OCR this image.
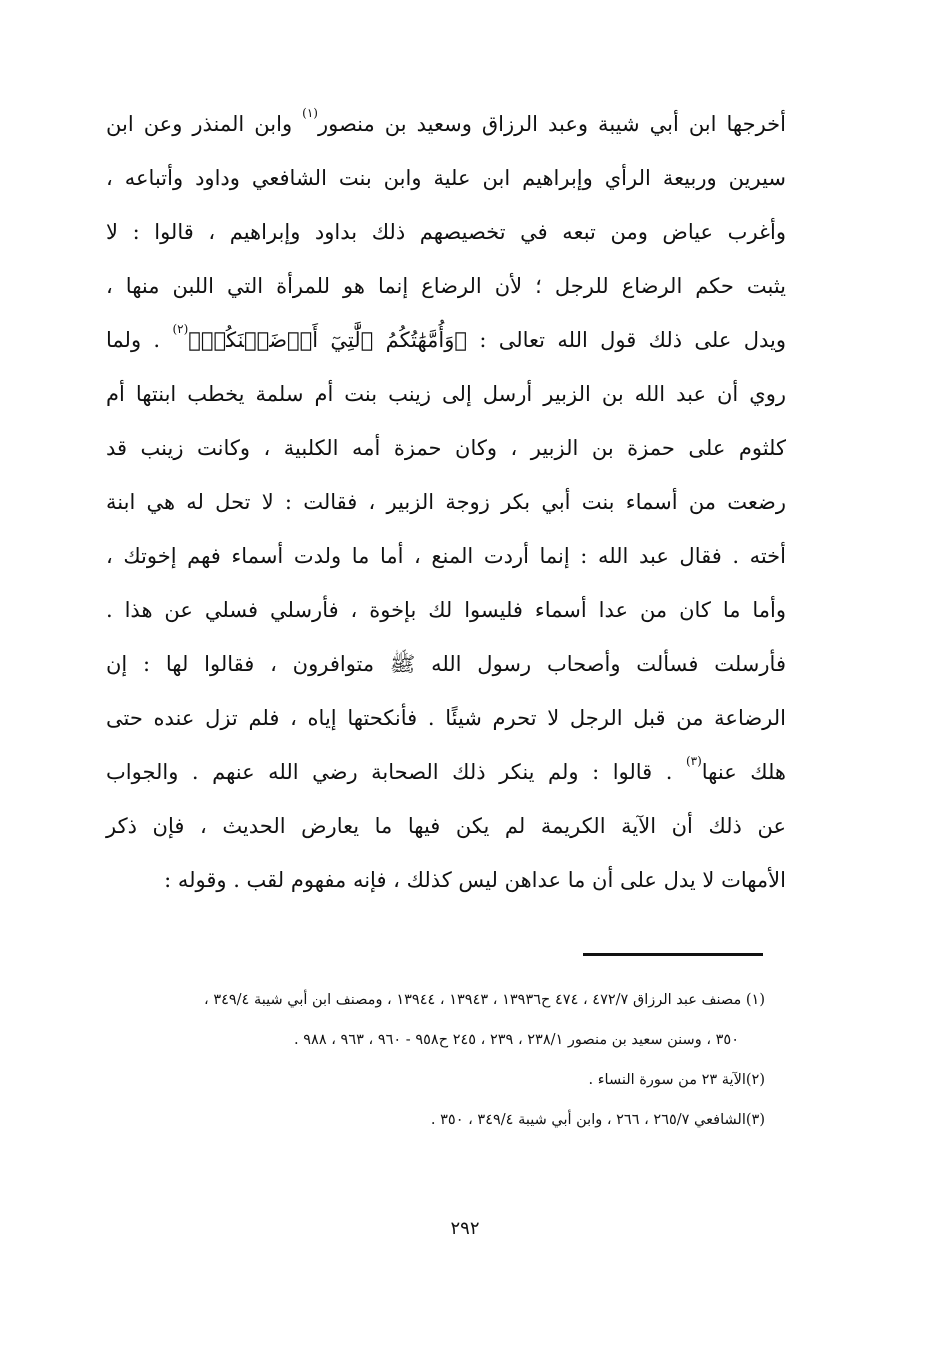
أخرجها ابن أبي شيبة وعبد الرزاق وسعيد بن منصور$^{(١)}$ وابن المنذر وعن ابن
سيرين وربيعة الرأي وإبراهيم ابن علية وابن بنت الشافعي وداود وأتباعه ،
وأغرب عياض ومن تبعه في تخصيصهم ذلك بداود وإبراهيم ، قالوا : لا
يثبت حكم الرضاع للرجل ؛ لأن الرضاع إنما هو للمرأة التي اللبن منها ،
ويدل على ذلك قول الله تعالى : ﴿وَأُمَّهَٰتُكُمُ ٱلَّٰتِيٓ أَرۡضَعۡنَكُمۡ﴾$^{(٢)}$ . ولما
روي أن عبد الله بن الزبير أرسل إلى زينب بنت أم سلمة يخطب ابنتها أم
كلثوم على حمزة بن الزبير ، وكان حمزة أمه الكلبية ، وكانت زينب قد
رضعت من أسماء بنت أبي بكر زوجة الزبير ، فقالت : لا تحل له هي ابنة
أخته . فقال عبد الله : إنما أردت المنع ، أما ما ولدت أسماء فهم إخوتك ،
وأما ما كان من عدا أسماء فليسوا لك بإخوة ، فأرسلي فسلي عن هذا .
فأرسلت فسألت وأصحاب رسول الله ﷺ متوافرون ، فقالوا لها : إن
الرضاعة من قبل الرجل لا تحرم شيئًا . فأنكحتها إياه ، فلم تزل عنده حتى
هلك عنها$^{(٣)}$ . قالوا : ولم ينكر ذلك الصحابة رضي الله عنهم . والجواب
عن ذلك أن الآية الكريمة لم يكن فيها ما يعارض الحديث ، فإن ذكر
الأمهات لا يدل على أن ما عداهن ليس كذلك ، فإنه مفهوم لقب . وقوله :
(١) مصنف عبد الرزاق ٤٧٢/٧ ، ٤٧٤ ح١٣٩٣٦ ، ١٣٩٤٣ ، ١٣٩٤٤ ، ومصنف ابن أبي شيبة ٣٤٩/٤ ،
٣٥٠ ، وسنن سعيد بن منصور ٢٣٨/١ ، ٢٣٩ ، ٢٤٥ ح٩٥٨ - ٩٦٠ ، ٩٦٣ ، ٩٨٨ .
(٢)الآية ٢٣ من سورة النساء .
(٣)الشافعي ٢٦٥/٧ ، ٢٦٦ ، وابن أبي شيبة ٣٤٩/٤ ، ٣٥٠ .
٢٩٢
